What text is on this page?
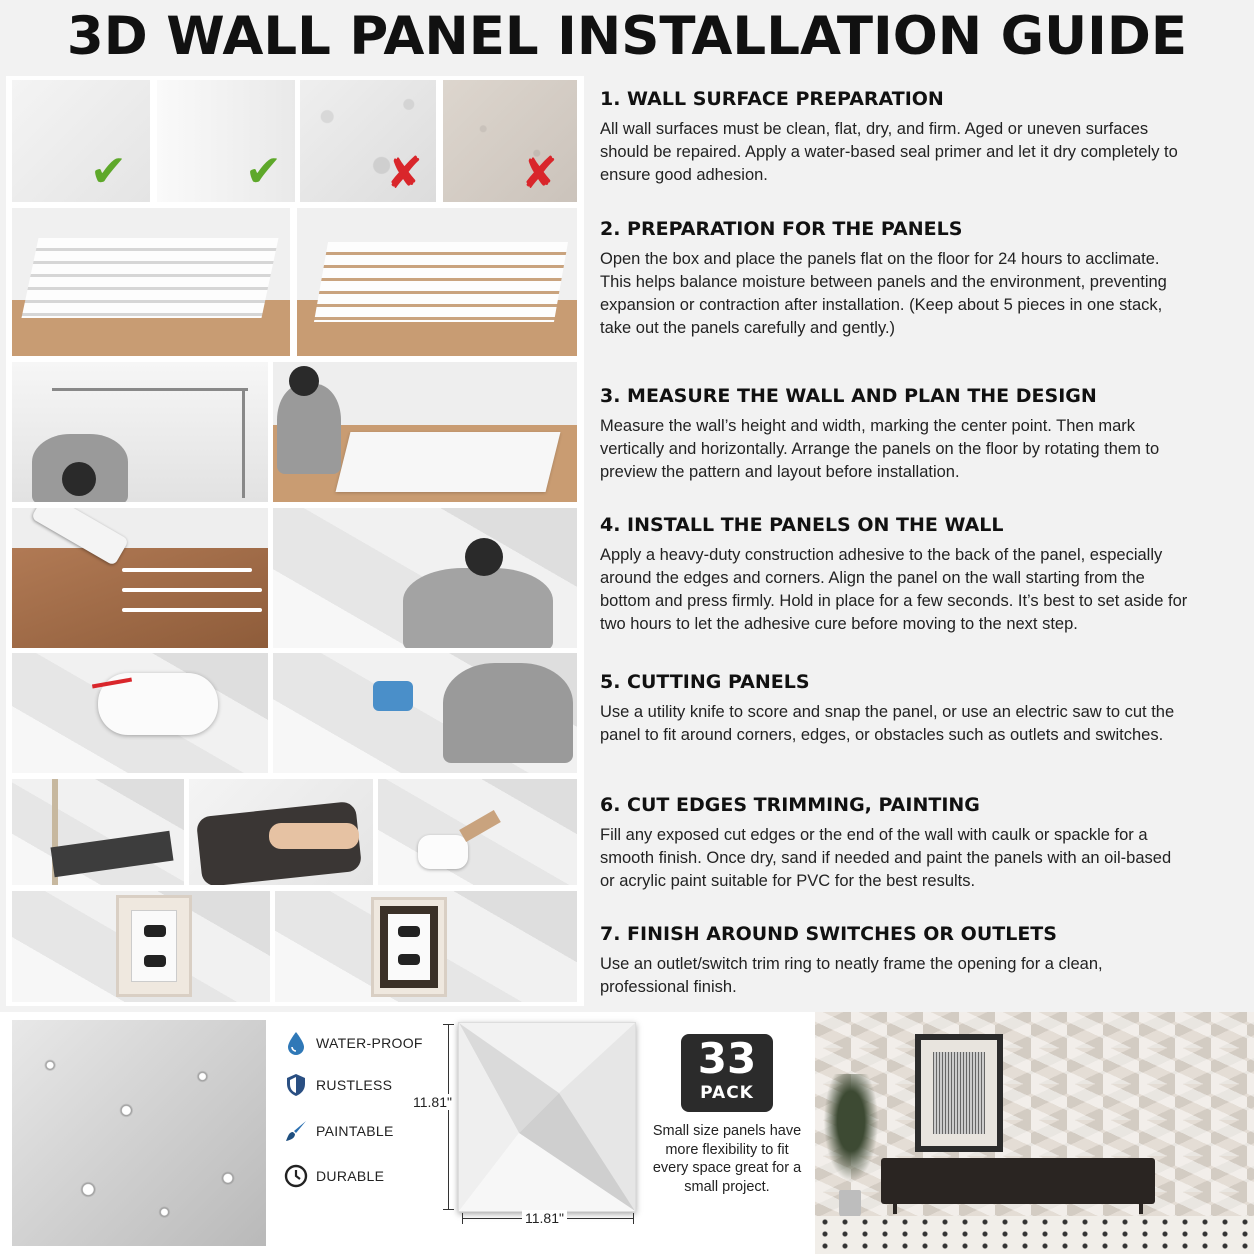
3D WALL PANEL INSTALLATION GUIDE
✔	✔ ✘ ✘
1. WALL SURFACE PREPARATION

All wall surfaces must be clean, flat, dry, and firm. Aged or uneven surfaces should be repaired. Apply a water-based seal primer and let it dry completely to ensure good adhesion.

2. PREPARATION FOR THE PANELS

Open the box and place the panels flat on the floor for 24 hours to acclimate. This helps balance moisture between panels and the environment, preventing expansion or contraction after installation. (Keep about 5 pieces in one stack, take out the panels carefully and gently.)

3. MEASURE THE WALL AND PLAN THE DESIGN

Measure the wall’s height and width, marking the center point. Then mark vertically and horizontally. Arrange the panels on the floor by rotating them to preview the pattern and layout before installation.

4. INSTALL THE PANELS ON THE WALL

Apply a heavy-duty construction adhesive to the back of the panel, especially around the edges and corners. Align the panel on the wall starting from the bottom and press firmly. Hold in place for a few seconds. It’s best to set aside for two hours to let the adhesive cure before moving to the next step.

5. CUTTING PANELS

Use a utility knife to score and snap the panel, or use an electric saw to cut the panel to fit around corners, edges, or obstacles such as outlets and switches.

6. CUT EDGES TRIMMING, PAINTING

Fill any exposed cut edges or the end of the wall with caulk or spackle for a smooth finish. Once dry, sand if needed and paint the panels with an oil-based or acrylic paint suitable for PVC for the best results.

7. FINISH AROUND SWITCHES OR OUTLETS

Use an outlet/switch trim ring to neatly frame the opening for a clean, professional finish.

WATER-PROOF
RUSTLESS
PAINTABLE
DURABLE
11.81"
11.81"
33
PACK
Small size panels have more flexibility to fit every space great for a small project.
